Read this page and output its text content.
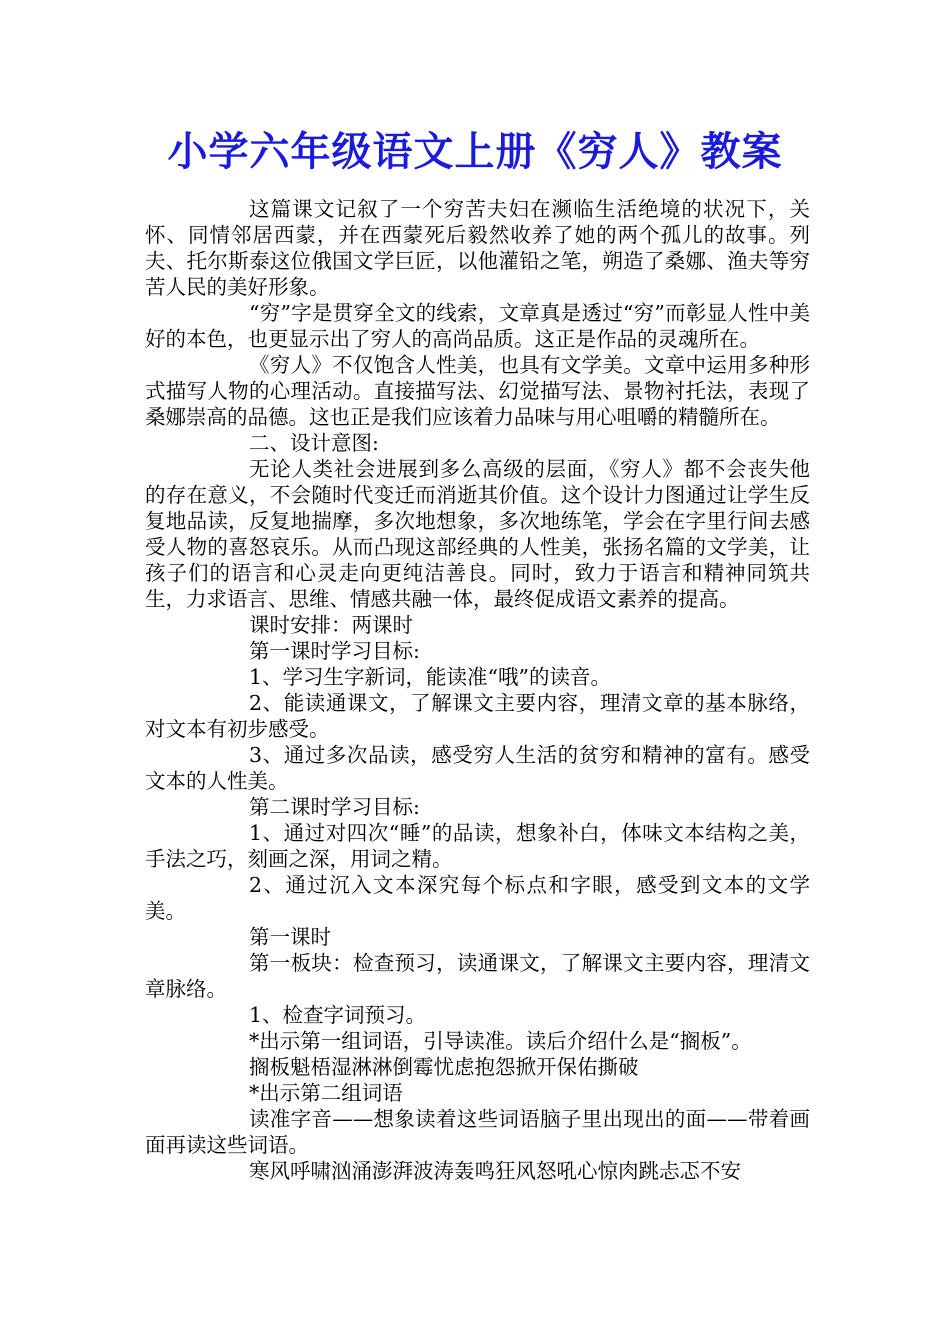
小学六年级语文上册《穷人》教案

这篇课文记叙了一个穷苦夫妇在濒临生活绝境的状况下，关怀、同情邻居西蒙，并在西蒙死后毅然收养了她的两个孤儿的故事。列夫、托尔斯泰这位俄国文学巨匠，以他灌铅之笔，朔造了桑娜、渔夫等穷苦人民的美好形象。

“穷”字是贯穿全文的线索，文章真是透过“穷”而彰显人性中美好的本色，也更显示出了穷人的高尚品质。这正是作品的灵魂所在。

《穷人》不仅饱含人性美，也具有文学美。文章中运用多种形式描写人物的心理活动。直接描写法、幻觉描写法、景物衬托法，表现了桑娜崇高的品德。这也正是我们应该着力品味与用心咀嚼的精髓所在。

二、设计意图:

无论人类社会进展到多么高级的层面，《穷人》都不会丧失他的存在意义，不会随时代变迁而消逝其价值。这个设计力图通过让学生反复地品读，反复地揣摩，多次地想象，多次地练笔，学会在字里行间去感受人物的喜怒哀乐。从而凸现这部经典的人性美，张扬名篇的文学美，让孩子们的语言和心灵走向更纯洁善良。同时，致力于语言和精神同筑共生，力求语言、思维、情感共融一体，最终促成语文素养的提高。

课时安排：两课时

第一课时学习目标:

1、学习生字新词，能读准“哦”的读音。

2、能读通课文，了解课文主要内容，理清文章的基本脉络，对文本有初步感受。

3、通过多次品读，感受穷人生活的贫穷和精神的富有。感受文本的人性美。

第二课时学习目标:

1、通过对四次“睡”的品读，想象补白，体味文本结构之美，手法之巧，刻画之深，用词之精。

2、通过沉入文本深究每个标点和字眼，感受到文本的文学美。

第一课时

第一板块：检查预习，读通课文，了解课文主要内容，理清文章脉络。

1、检查字词预习。

*出示第一组词语，引导读准。读后介绍什么是“搁板”。

搁板魁梧湿淋淋倒霉忧虑抱怨掀开保佑撕破

*出示第二组词语

读准字音——想象读着这些词语脑子里出现出的面——带着画面再读这些词语。

寒风呼啸汹涌澎湃波涛轰鸣狂风怒吼心惊肉跳忐忑不安
